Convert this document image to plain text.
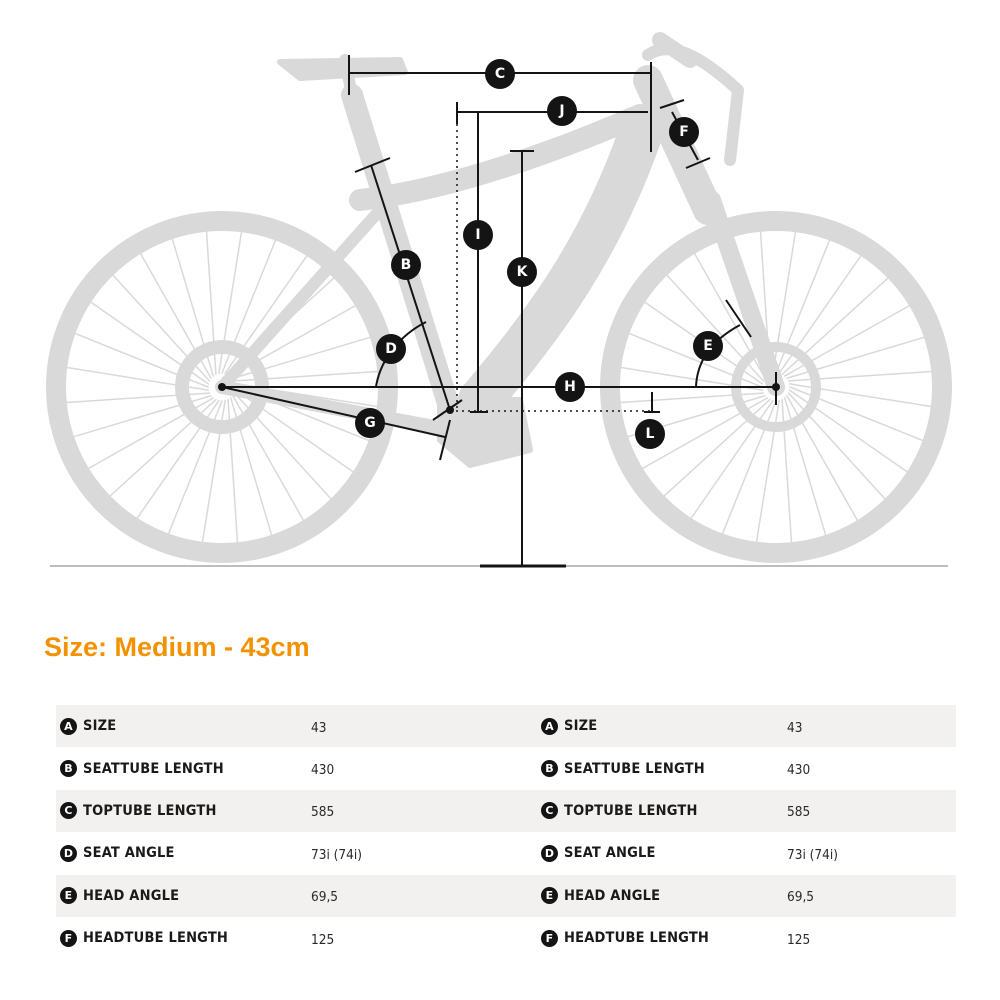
C
J
F
I
K
B
D	E
H
G
L
Size: Medium - 43cm
A SIZE	43	A SIZE	43

B SEATTUBE LENGTH	430	B SEATTUBE LENGTH	430

C TOPTUBE LENGTH	585	C TOPTUBE LENGTH	585

D SEAT ANGLE	73i (74i)	D SEAT ANGLE	73i (74i)

E HEAD ANGLE	69,5	E HEAD ANGLE	69,5

F HEADTUBE LENGTH	125	F HEADTUBE LENGTH	125
